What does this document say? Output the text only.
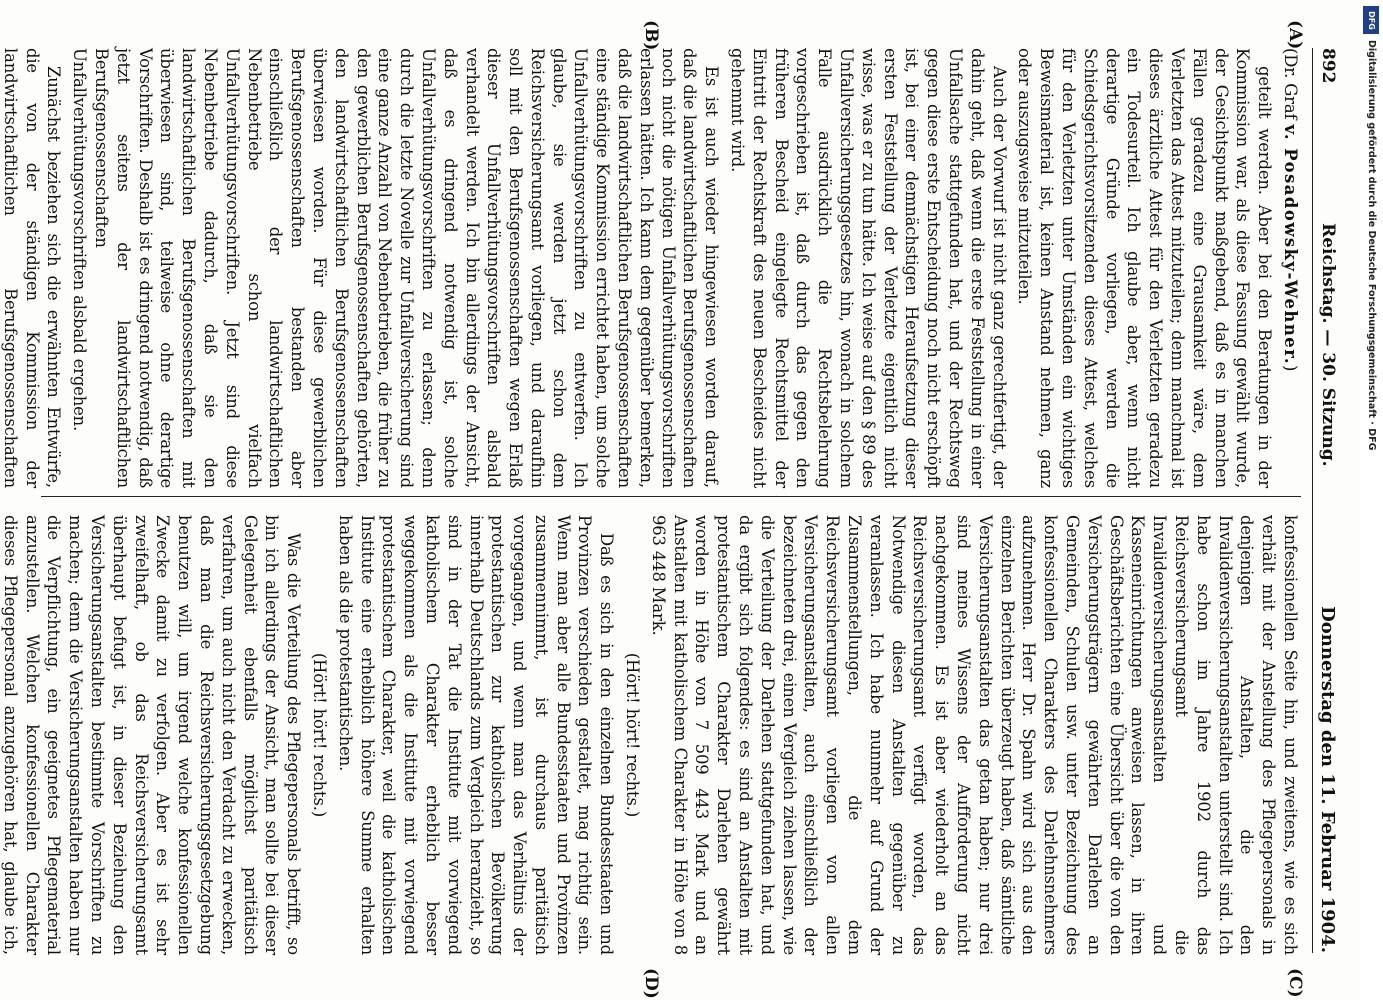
892
Reichstag. — 30. Sitzung.
Donnerstag den 11. Februar 1904.
(A)
(B)
(C)
(D)

(Dr. Graf v. Posadowsky-Wehner.)

geteilt werden. Aber bei den Beratungen in der Kommission war, als diese Fassung gewählt wurde, der Gesichtspunkt maßgebend, daß es in manchen Fällen geradezu eine Grausamkeit wäre, dem Verletzten das Attest mitzuteilen; denn manchmal ist dieses ärztliche Attest für den Verletzten geradezu ein Todesurteil. Ich glaube aber, wenn nicht derartige Gründe vorliegen, werden die Schiedsgerichtsvorsitzenden dieses Attest, welches für den Verletzten unter Umständen ein wichtiges Beweismaterial ist, keinen Anstand nehmen, ganz oder auszugsweise mitzuteilen.

Auch der Vorwurf ist nicht ganz gerechtfertigt, der dahin geht, daß wenn die erste Feststellung in einer Unfallsache stattgefunden hat, und der Rechtsweg gegen diese erste Entscheidung noch nicht erschöpft ist, bei einer demnächstigen Heraufsetzung dieser ersten Feststellung der Verletzte eigentlich nicht wisse, was er zu tun hätte. Ich weise auf den § 89 des Unfallversicherungsgesetzes hin, wonach in solchem Falle ausdrücklich die Rechtsbelehrung vorgeschrieben ist, daß durch das gegen den früheren Bescheid eingelegte Rechtsmittel der Eintritt der Rechtskraft des neuen Bescheides nicht gehemmt wird.

Es ist auch wieder hingewiesen worden darauf, daß die landwirtschaftlichen Berufsgenossenschaften noch nicht die nötigen Unfallverhütungsvorschriften erlassen hätten. Ich kann dem gegenüber bemerken, daß die landwirtschaftlichen Berufsgenossenschaften eine ständige Kommission errichtet haben, um solche Unfallverhütungsvorschriften zu entwerfen. Ich glaube, sie werden jetzt schon dem Reichsversicherungsamt vorliegen, und daraufhin soll mit den Berufsgenossenschaften wegen Erlaß dieser Unfallverhütungsvorschriften alsbald verhandelt werden. Ich bin allerdings der Ansicht, daß es dringend notwendig ist, solche Unfallverhütungsvorschriften zu erlassen; denn durch die letzte Novelle zur Unfallversicherung sind eine ganze Anzahl von Nebenbetrieben, die früher zu den gewerblichen Berufsgenossenschaften gehörten, den landwirtschaftlichen Berufsgenossenschaften überwiesen worden. Für diese gewerblichen Berufsgenossenschaften bestanden aber einschließlich der landwirtschaftlichen Nebenbetriebe schon vielfach Unfallverhütungsvorschriften. Jetzt sind diese Nebenbetriebe dadurch, daß sie den landwirtschaftlichen Berufsgenossenschaften mit überwiesen sind, teilweise ohne derartige Vorschriften. Deshalb ist es dringend notwendig, daß jetzt seitens der landwirtschaftlichen Berufsgenossenschaften Unfallverhütungsvorschriften alsbald ergehen.

Zunächst beziehen sich die erwähnten Entwürfe, die von der ständigen Kommission der landwirtschaftlichen Berufsgenossenschaften

konfessionellen Seite hin, und zweitens, wie es sich verhält mit der Anstellung des Pflegepersonals in denjenigen Anstalten, die den Invalidenversicherungsanstalten unterstellt sind. Ich habe schon im Jahre 1902 durch das Reichsversicherungsamt die Invalidenversicherungsanstalten und Kasseneinrichtungen anweisen lassen, in ihren Geschäftsberichten eine Übersicht über die von den Versicherungsträgern gewährten Darlehen an Gemeinden, Schulen usw. unter Bezeichnung des konfessionellen Charakters des Darlehnsnehmers aufzunehmen. Herr Dr. Spahn wird sich aus den einzelnen Berichten überzeugt haben, daß sämtliche Versicherungsanstalten das getan haben; nur drei sind meines Wissens der Aufforderung nicht nachgekommen. Es ist aber wiederholt an das Reichsversicherungsamt verfügt worden, das Notwendige diesen Anstalten gegenüber zu veranlassen. Ich habe nunmehr auf Grund der Zusammenstellungen, die dem Reichsversicherungsamt vorliegen von allen Versicherungsanstalten, auch einschließlich der bezeichneten drei, einen Vergleich ziehen lassen, wie die Verteilung der Darlehen stattgefunden hat, und da ergibt sich folgendes: es sind an Anstalten mit protestantischem Charakter Darlehen gewährt worden in Höhe von 7 509 443 Mark und an Anstalten mit katholischem Charakter in Höhe von 8 963 448 Mark.

(Hört! hört! rechts.)

Daß es sich in den einzelnen Bundesstaaten und Provinzen verschieden gestaltet, mag richtig sein. Wenn man aber alle Bundesstaaten und Provinzen zusammennimmt, ist durchaus paritätisch vorgegangen, und wenn man das Verhältnis der protestantischen zur katholischen Bevölkerung innerhalb Deutschlands zum Vergleich heranzieht, so sind in der Tat die Institute mit vorwiegend katholischem Charakter erheblich besser weggekommen als die Institute mit vorwiegend protestantischem Charakter, weil die katholischen Institute eine erheblich höhere Summe erhalten haben als die protestantischen.

(Hört! hört! rechts.)

Was die Verteilung des Pflegepersonals betrifft, so bin ich allerdings der Ansicht, man sollte bei dieser Gelegenheit ebenfalls möglichst paritätisch verfahren, um auch nicht den Verdacht zu erwecken, daß man die Reichsversicherungsgesetzgebung benutzen will, um irgend welche konfessionellen Zwecke damit zu verfolgen. Aber es ist sehr zweifelhaft, ob das Reichsversicherungsamt überhaupt befugt ist, in dieser Beziehung den Versicherungsanstalten bestimmte Vorschriften zu machen; denn die Versicherungsanstalten haben nur die Verpflichtung, ein geeignetes Pflegematerial anzustellen. Welchen konfessionellen Charakter dieses Pflegepersonal anzugehören hat, glaube ich,

DFG
Digitalisierung gefördert durch die Deutsche Forschungsgemeinschaft · DFG
